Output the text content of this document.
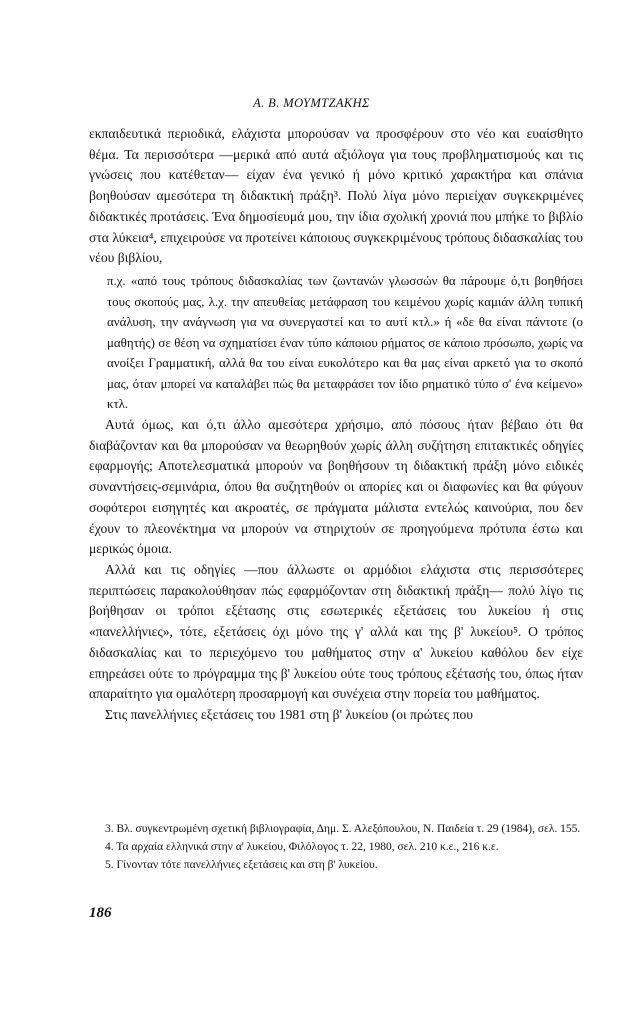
Α. Β. ΜΟΥΜΤΖΑΚΗΣ

εκπαιδευτικά περιοδικά, ελάχιστα μπορούσαν να προσφέρουν στο νέο και ευαίσθητο θέμα. Τα περισσότερα —μερικά από αυτά αξιόλογα για τους προβληματισμούς και τις γνώσεις που κατέθεταν— είχαν ένα γενικό ή μόνο κριτικό χαρακτήρα και σπάνια βοηθούσαν αμεσότερα τη διδακτική πράξη³. Πολύ λίγα μόνο περιείχαν συγκεκριμένες διδακτικές προτάσεις. Ένα δημοσίευμά μου, την ίδια σχολική χρονιά που μπήκε το βιβλίο στα λύκεια⁴, επιχειρούσε να προτείνει κάποιους συγκεκριμένους τρόπους διδασκαλίας του νέου βιβλίου,

π.χ. «από τους τρόπους διδασκαλίας των ζωντανών γλωσσών θα πάρουμε ό,τι βοηθήσει τους σκοπούς μας, λ.χ. την απευθείας μετάφραση του κειμένου χωρίς καμιάν άλλη τυπική ανάλυση, την ανάγνωση για να συνεργαστεί και το αυτί κτλ.» ή «δε θα είναι πάντοτε (ο μαθητής) σε θέση να σχηματίσει έναν τύπο κάποιου ρήματος σε κάποιο πρόσωπο, χωρίς να ανοίξει Γραμματική, αλλά θα του είναι ευκολότερο και θα μας είναι αρκετό για το σκοπό μας, όταν μπορεί να καταλάβει πώς θα μεταφράσει τον ίδιο ρηματικό τύπο σ' ένα κείμενο» κτλ.

Αυτά όμως, και ό,τι άλλο αμεσότερα χρήσιμο, από πόσους ήταν βέβαιο ότι θα διαβάζονταν και θα μπορούσαν να θεωρηθούν χωρίς άλλη συζήτηση επιτακτικές οδηγίες εφαρμογής; Αποτελεσματικά μπορούν να βοηθήσουν τη διδακτική πράξη μόνο ειδικές συναντήσεις-σεμινάρια, όπου θα συζητηθούν οι απορίες και οι διαφωνίες και θα φύγουν σοφότεροι εισηγητές και ακροατές, σε πράγματα μάλιστα εντελώς καινούρια, που δεν έχουν το πλεονέκτημα να μπορούν να στηριχτούν σε προηγούμενα πρότυπα έστω και μερικώς όμοια.

Αλλά και τις οδηγίες —που άλλωστε οι αρμόδιοι ελάχιστα στις περισσότερες περιπτώσεις παρακολούθησαν πώς εφαρμόζονταν στη διδακτική πράξη— πολύ λίγο τις βοήθησαν οι τρόποι εξέτασης στις εσωτερικές εξετάσεις του λυκείου ή στις «πανελλήνιες», τότε, εξετάσεις όχι μόνο της γ' αλλά και της β' λυκείου⁵. Ο τρόπος διδασκαλίας και το περιεχόμενο του μαθήματος στην α' λυκείου καθόλου δεν είχε επηρεάσει ούτε το πρόγραμμα της β' λυκείου ούτε τους τρόπους εξέτασής του, όπως ήταν απαραίτητο για ομαλότερη προσαρμογή και συνέχεια στην πορεία του μαθήματος.

Στις πανελλήνιες εξετάσεις του 1981 στη β' λυκείου (οι πρώτες που

3. Βλ. συγκεντρωμένη σχετική βιβλιογραφία, Δημ. Σ. Αλεξόπουλου, Ν. Παιδεία τ. 29 (1984), σελ. 155.

4. Τα αρχαία ελληνικά στην α' λυκείου, Φιλόλογος τ. 22, 1980, σελ. 210 κ.ε., 216 κ.ε.

5. Γίνονταν τότε πανελλήνιες εξετάσεις και στη β' λυκείου.

186
